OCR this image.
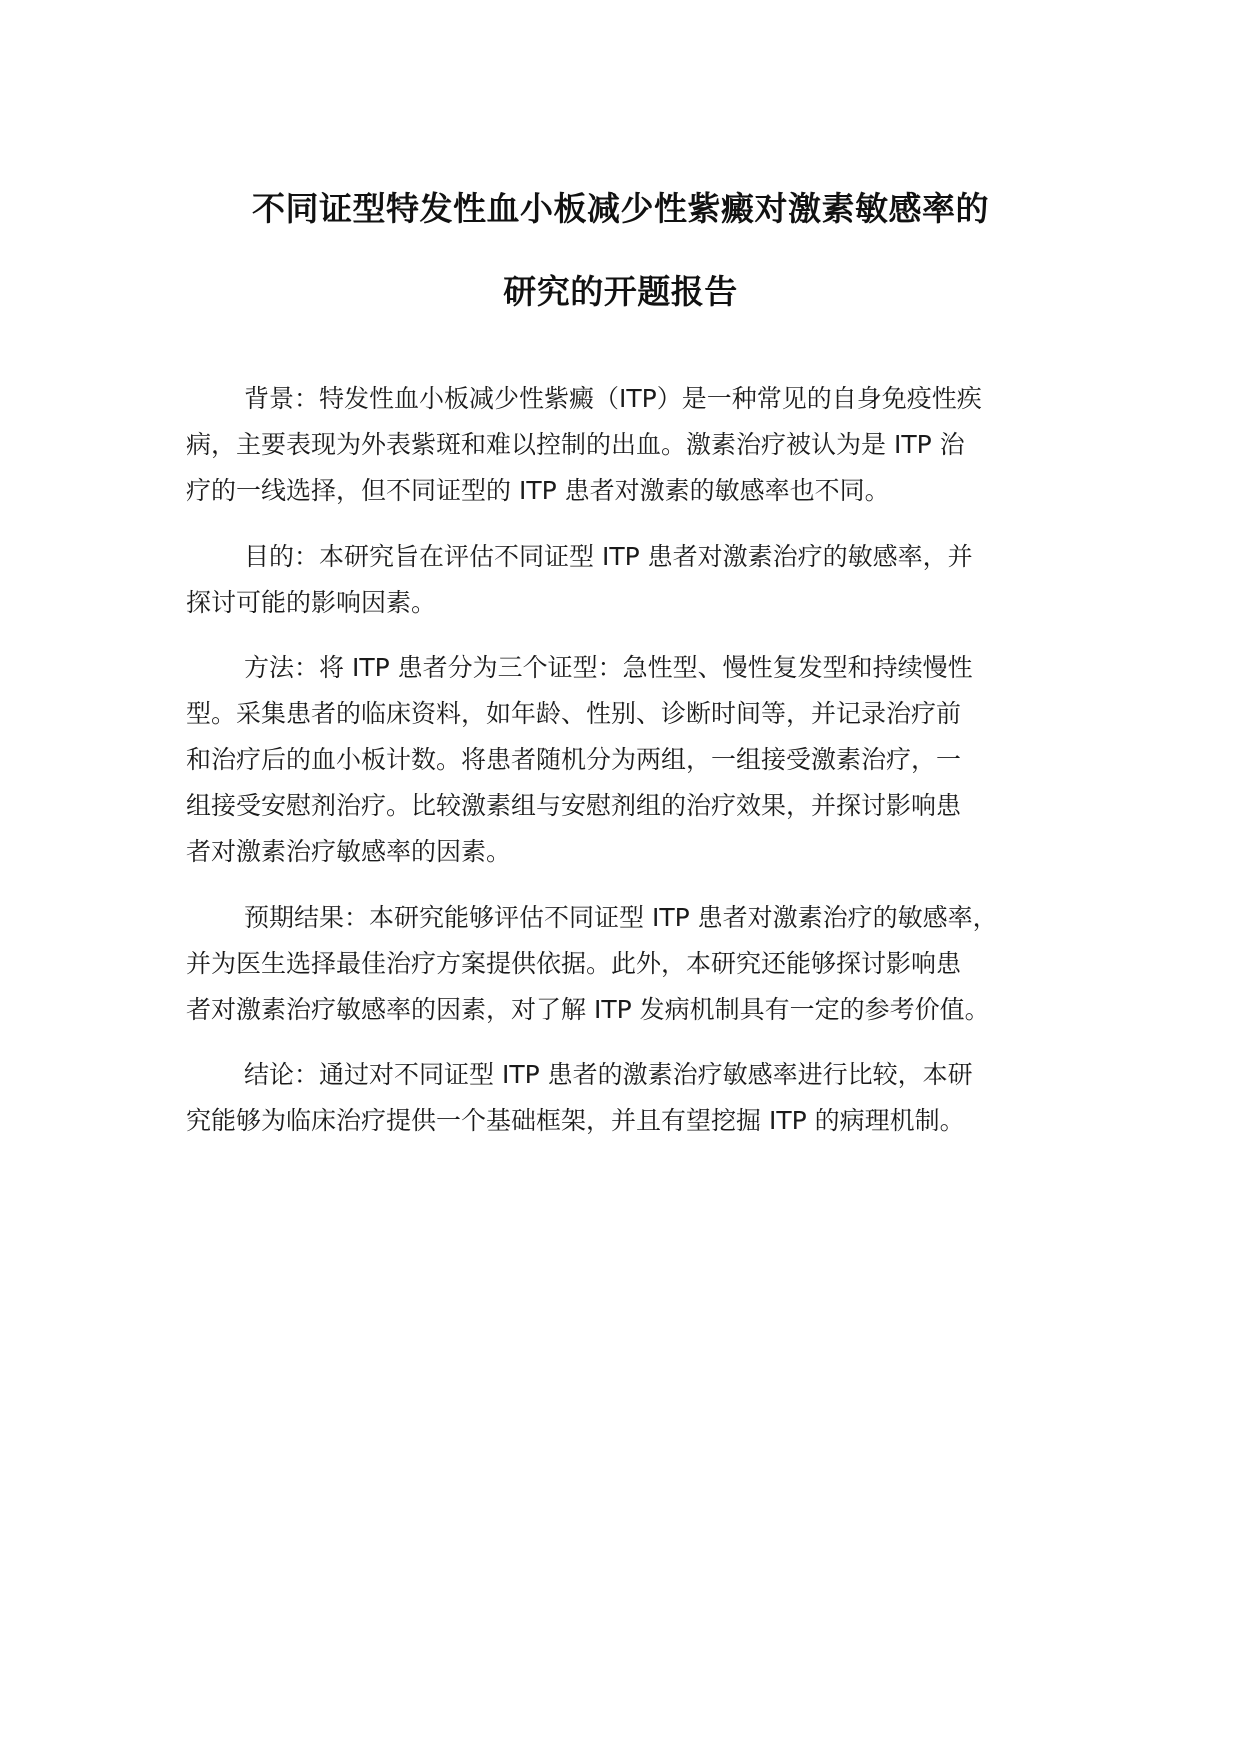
不同证型特发性血小板减少性紫癜对激素敏感率的
研究的开题报告
背景：特发性血小板减少性紫癜（ITP）是一种常见的自身免疫性疾
病，主要表现为外表紫斑和难以控制的出血。激素治疗被认为是 ITP 治
疗的一线选择，但不同证型的 ITP 患者对激素的敏感率也不同。
目的：本研究旨在评估不同证型 ITP 患者对激素治疗的敏感率，并
探讨可能的影响因素。
方法：将 ITP 患者分为三个证型：急性型、慢性复发型和持续慢性
型。采集患者的临床资料，如年龄、性别、诊断时间等，并记录治疗前
和治疗后的血小板计数。将患者随机分为两组，一组接受激素治疗，一
组接受安慰剂治疗。比较激素组与安慰剂组的治疗效果，并探讨影响患
者对激素治疗敏感率的因素。
预期结果：本研究能够评估不同证型 ITP 患者对激素治疗的敏感率，
并为医生选择最佳治疗方案提供依据。此外，本研究还能够探讨影响患
者对激素治疗敏感率的因素，对了解 ITP 发病机制具有一定的参考价值。
结论：通过对不同证型 ITP 患者的激素治疗敏感率进行比较，本研
究能够为临床治疗提供一个基础框架，并且有望挖掘 ITP 的病理机制。
